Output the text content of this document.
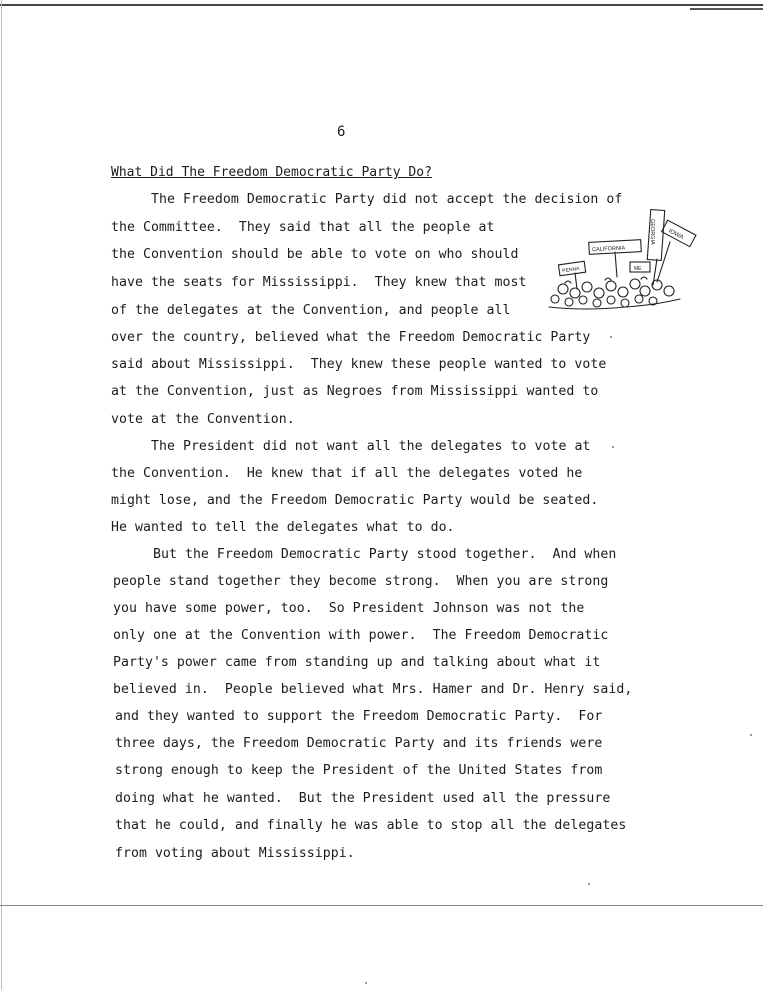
6
What Did The Freedom Democratic Party Do?
The Freedom Democratic Party did not accept the decision of
the Committee.  They said that all the people at
the Convention should be able to vote on who should
have the seats for Mississippi.  They knew that most
of the delegates at the Convention, and people all
over the country, believed what the Freedom Democratic Party
said about Mississippi.  They knew these people wanted to vote
at the Convention, just as Negroes from Mississippi wanted to
vote at the Convention.
The President did not want all the delegates to vote at
the Convention.  He knew that if all the delegates voted he
might lose, and the Freedom Democratic Party would be seated.
He wanted to tell the delegates what to do.
But the Freedom Democratic Party stood together.  And when
people stand together they become strong.  When you are strong
you have some power, too.  So President Johnson was not the
only one at the Convention with power.  The Freedom Democratic
Party's power came from standing up and talking about what it
believed in.  People believed what Mrs. Hamer and Dr. Henry said,
and they wanted to support the Freedom Democratic Party.  For
three days, the Freedom Democratic Party and its friends were
strong enough to keep the President of the United States from
doing what he wanted.  But the President used all the pressure
that he could, and finally he was able to stop all the delegates
from voting about Mississippi.
CALIFORNIA
GEORGIA IOWA
PENNA	ME
